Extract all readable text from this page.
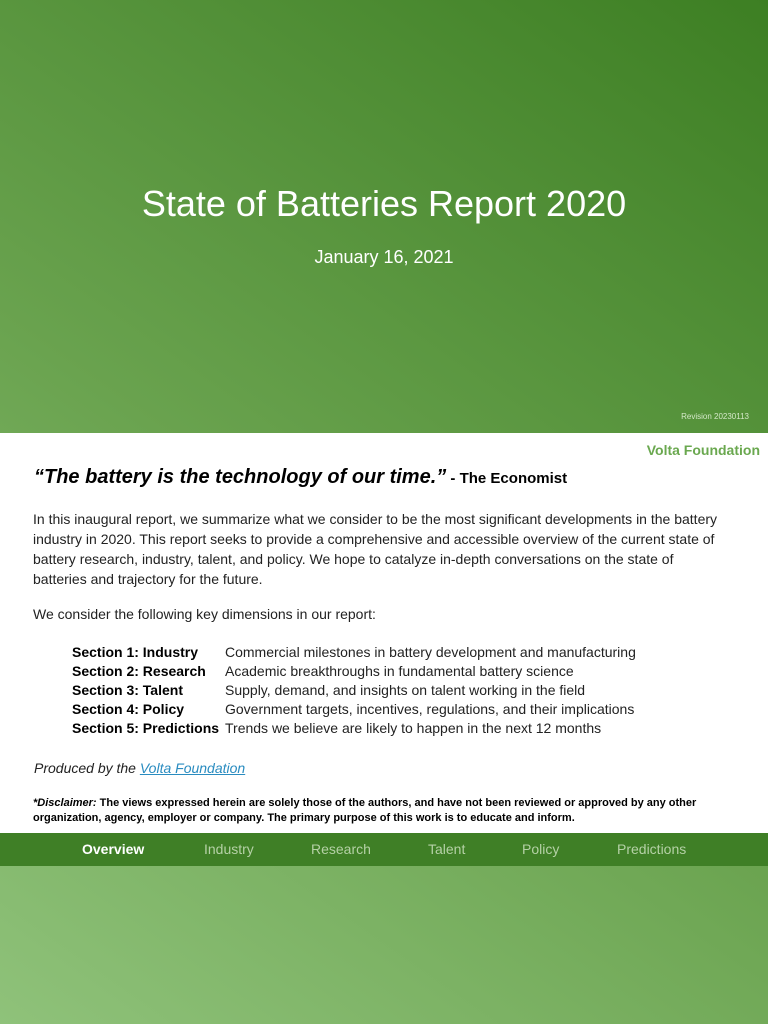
State of Batteries Report 2020
January 16, 2021
Revision 20230113
Volta Foundation
“The battery is the technology of our time.” - The Economist

In this inaugural report, we summarize what we consider to be the most significant developments in the battery industry in 2020. This report seeks to provide a comprehensive and accessible overview of the current state of battery research, industry, talent, and policy. We hope to catalyze in-depth conversations on the state of batteries and trajectory for the future.

We consider the following key dimensions in our report:

Section 1: Industry	Commercial milestones in battery development and manufacturing
Section 2: Research	Academic breakthroughs in fundamental battery science
Section 3: Talent	Supply, demand, and insights on talent working in the field
Section 4: Policy	Government targets, incentives, regulations, and their implications
Section 5: Predictions Trends we believe are likely to happen in the next 12 months
Produced by the Volta Foundation

*Disclaimer: The views expressed herein are solely those of the authors, and have not been reviewed or approved by any other organization, agency, employer or company. The primary purpose of this work is to educate and inform.

Overview	Industry	Research	Talent	Policy	Predictions
